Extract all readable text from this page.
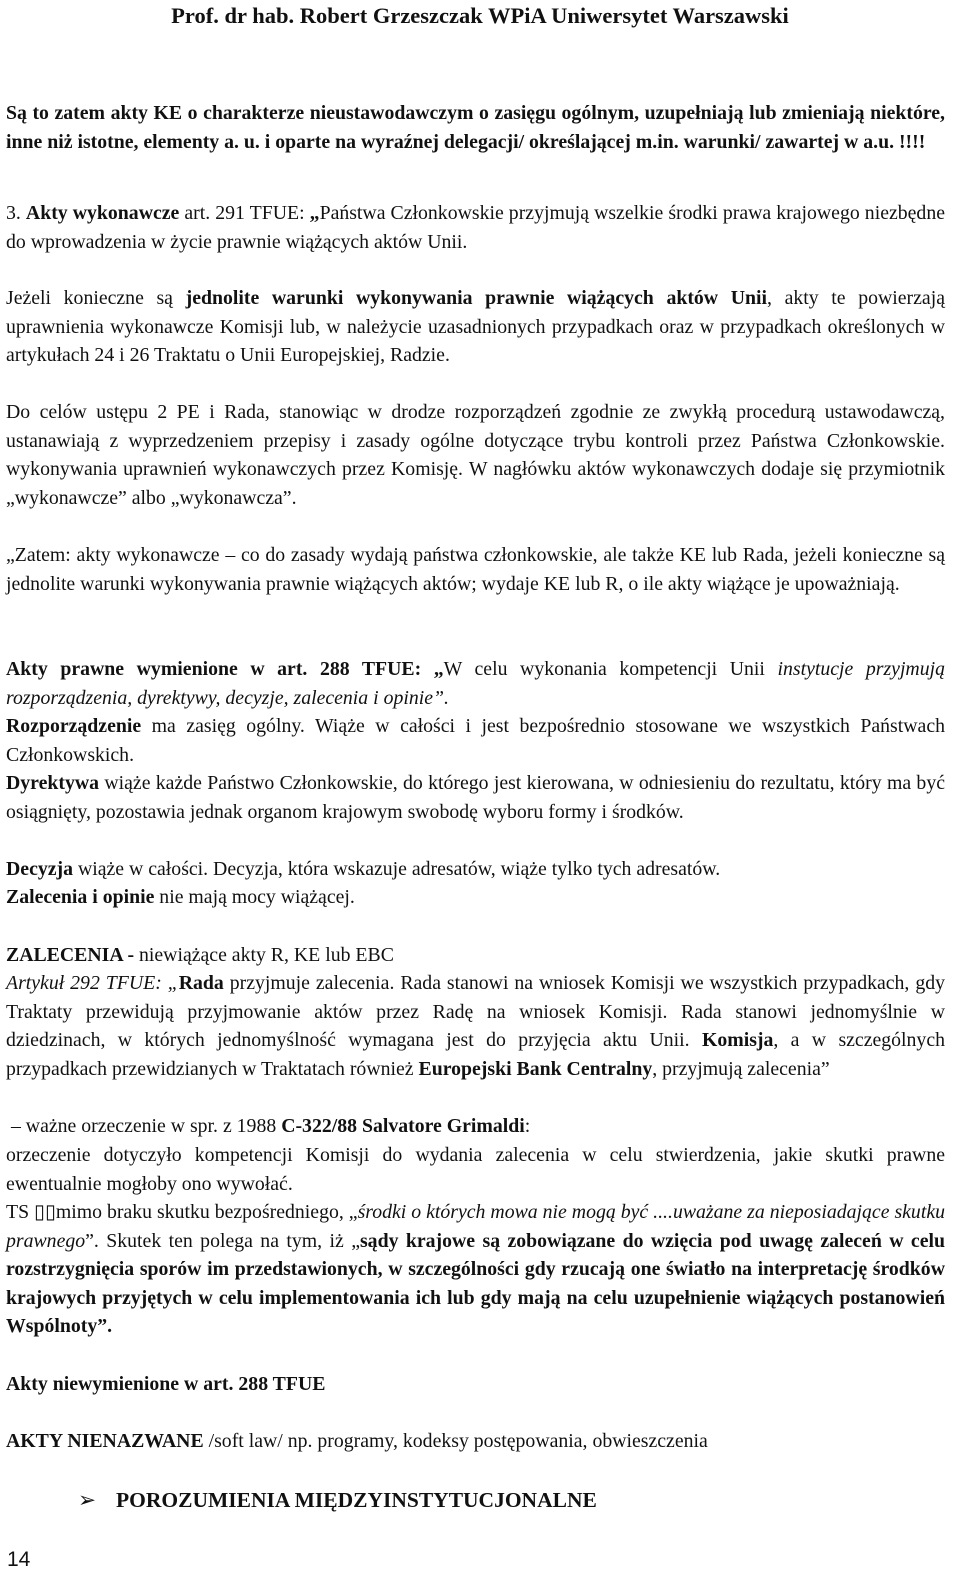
Prof. dr hab. Robert Grzeszczak WPiA Uniwersytet Warszawski
Są to zatem akty KE o charakterze nieustawodawczym o zasięgu ogólnym, uzupełniają lub zmieniają niektóre, inne niż istotne, elementy a. u. i oparte na wyraźnej delegacji/ określającej m.in. warunki/ zawartej w a.u. !!!!
3. Akty wykonawcze art. 291 TFUE: „Państwa Członkowskie przyjmują wszelkie środki prawa krajowego niezbędne do wprowadzenia w życie prawnie wiążących aktów Unii.
Jeżeli konieczne są jednolite warunki wykonywania prawnie wiążących aktów Unii, akty te powierzają uprawnienia wykonawcze Komisji lub, w należycie uzasadnionych przypadkach oraz w przypadkach określonych w artykułach 24 i 26 Traktatu o Unii Europejskiej, Radzie.
Do celów ustępu 2 PE i Rada, stanowiąc w drodze rozporządzeń zgodnie ze zwykłą procedurą ustawodawczą, ustanawiają z wyprzedzeniem przepisy i zasady ogólne dotyczące trybu kontroli przez Państwa Członkowskie. wykonywania uprawnień wykonawczych przez Komisję. W nagłówku aktów wykonawczych dodaje się przymiotnik „wykonawcze” albo „wykonawcza”.
„Zatem: akty wykonawcze – co do zasady wydają państwa członkowskie, ale także KE lub Rada, jeżeli konieczne są jednolite warunki wykonywania prawnie wiążących aktów; wydaje KE lub R, o ile akty wiążące je upoważniają.
Akty prawne wymienione w art. 288 TFUE: „W celu wykonania kompetencji Unii instytucje przyjmują rozporządzenia, dyrektywy, decyzje, zalecenia i opinie”.
Rozporządzenie ma zasięg ogólny. Wiąże w całości i jest bezpośrednio stosowane we wszystkich Państwach Członkowskich.
Dyrektywa wiąże każde Państwo Członkowskie, do którego jest kierowana, w odniesieniu do rezultatu, który ma być osiągnięty, pozostawia jednak organom krajowym swobodę wyboru formy i środków.
Decyzja wiąże w całości. Decyzja, która wskazuje adresatów, wiąże tylko tych adresatów.
Zalecenia i opinie nie mają mocy wiążącej.
ZALECENIA - niewiążące akty R, KE lub EBC
Artykuł 292 TFUE: „Rada przyjmuje zalecenia. Rada stanowi na wniosek Komisji we wszystkich przypadkach, gdy Traktaty przewidują przyjmowanie aktów przez Radę na wniosek Komisji. Rada stanowi jednomyślnie w dziedzinach, w których jednomyślność wymagana jest do przyjęcia aktu Unii. Komisja, a w szczególnych przypadkach przewidzianych w Traktatach również Europejski Bank Centralny, przyjmują zalecenia”
– ważne orzeczenie w spr. z 1988 C-322/88 Salvatore Grimaldi:
orzeczenie dotyczyło kompetencji Komisji do wydania zalecenia w celu stwierdzenia, jakie skutki prawne ewentualnie mogłoby ono wywołać.
TS ▯▯mimo braku skutku bezpośredniego, „środki o których mowa nie mogą być ....uważane za nieposiadające skutku prawnego”. Skutek ten polega na tym, iż „sądy krajowe są zobowiązane do wzięcia pod uwagę zaleceń w celu rozstrzygnięcia sporów im przedstawionych, w szczególności gdy rzucają one światło na interpretację środków krajowych przyjętych w celu implementowania ich lub gdy mają na celu uzupełnienie wiążących postanowień Wspólnoty”.
Akty niewymienione w art. 288 TFUE
AKTY NIENAZWANE /soft law/ np. programy, kodeksy postępowania, obwieszczenia
➢ POROZUMIENIA MIĘDZYINSTYTUCJONALNE
14
